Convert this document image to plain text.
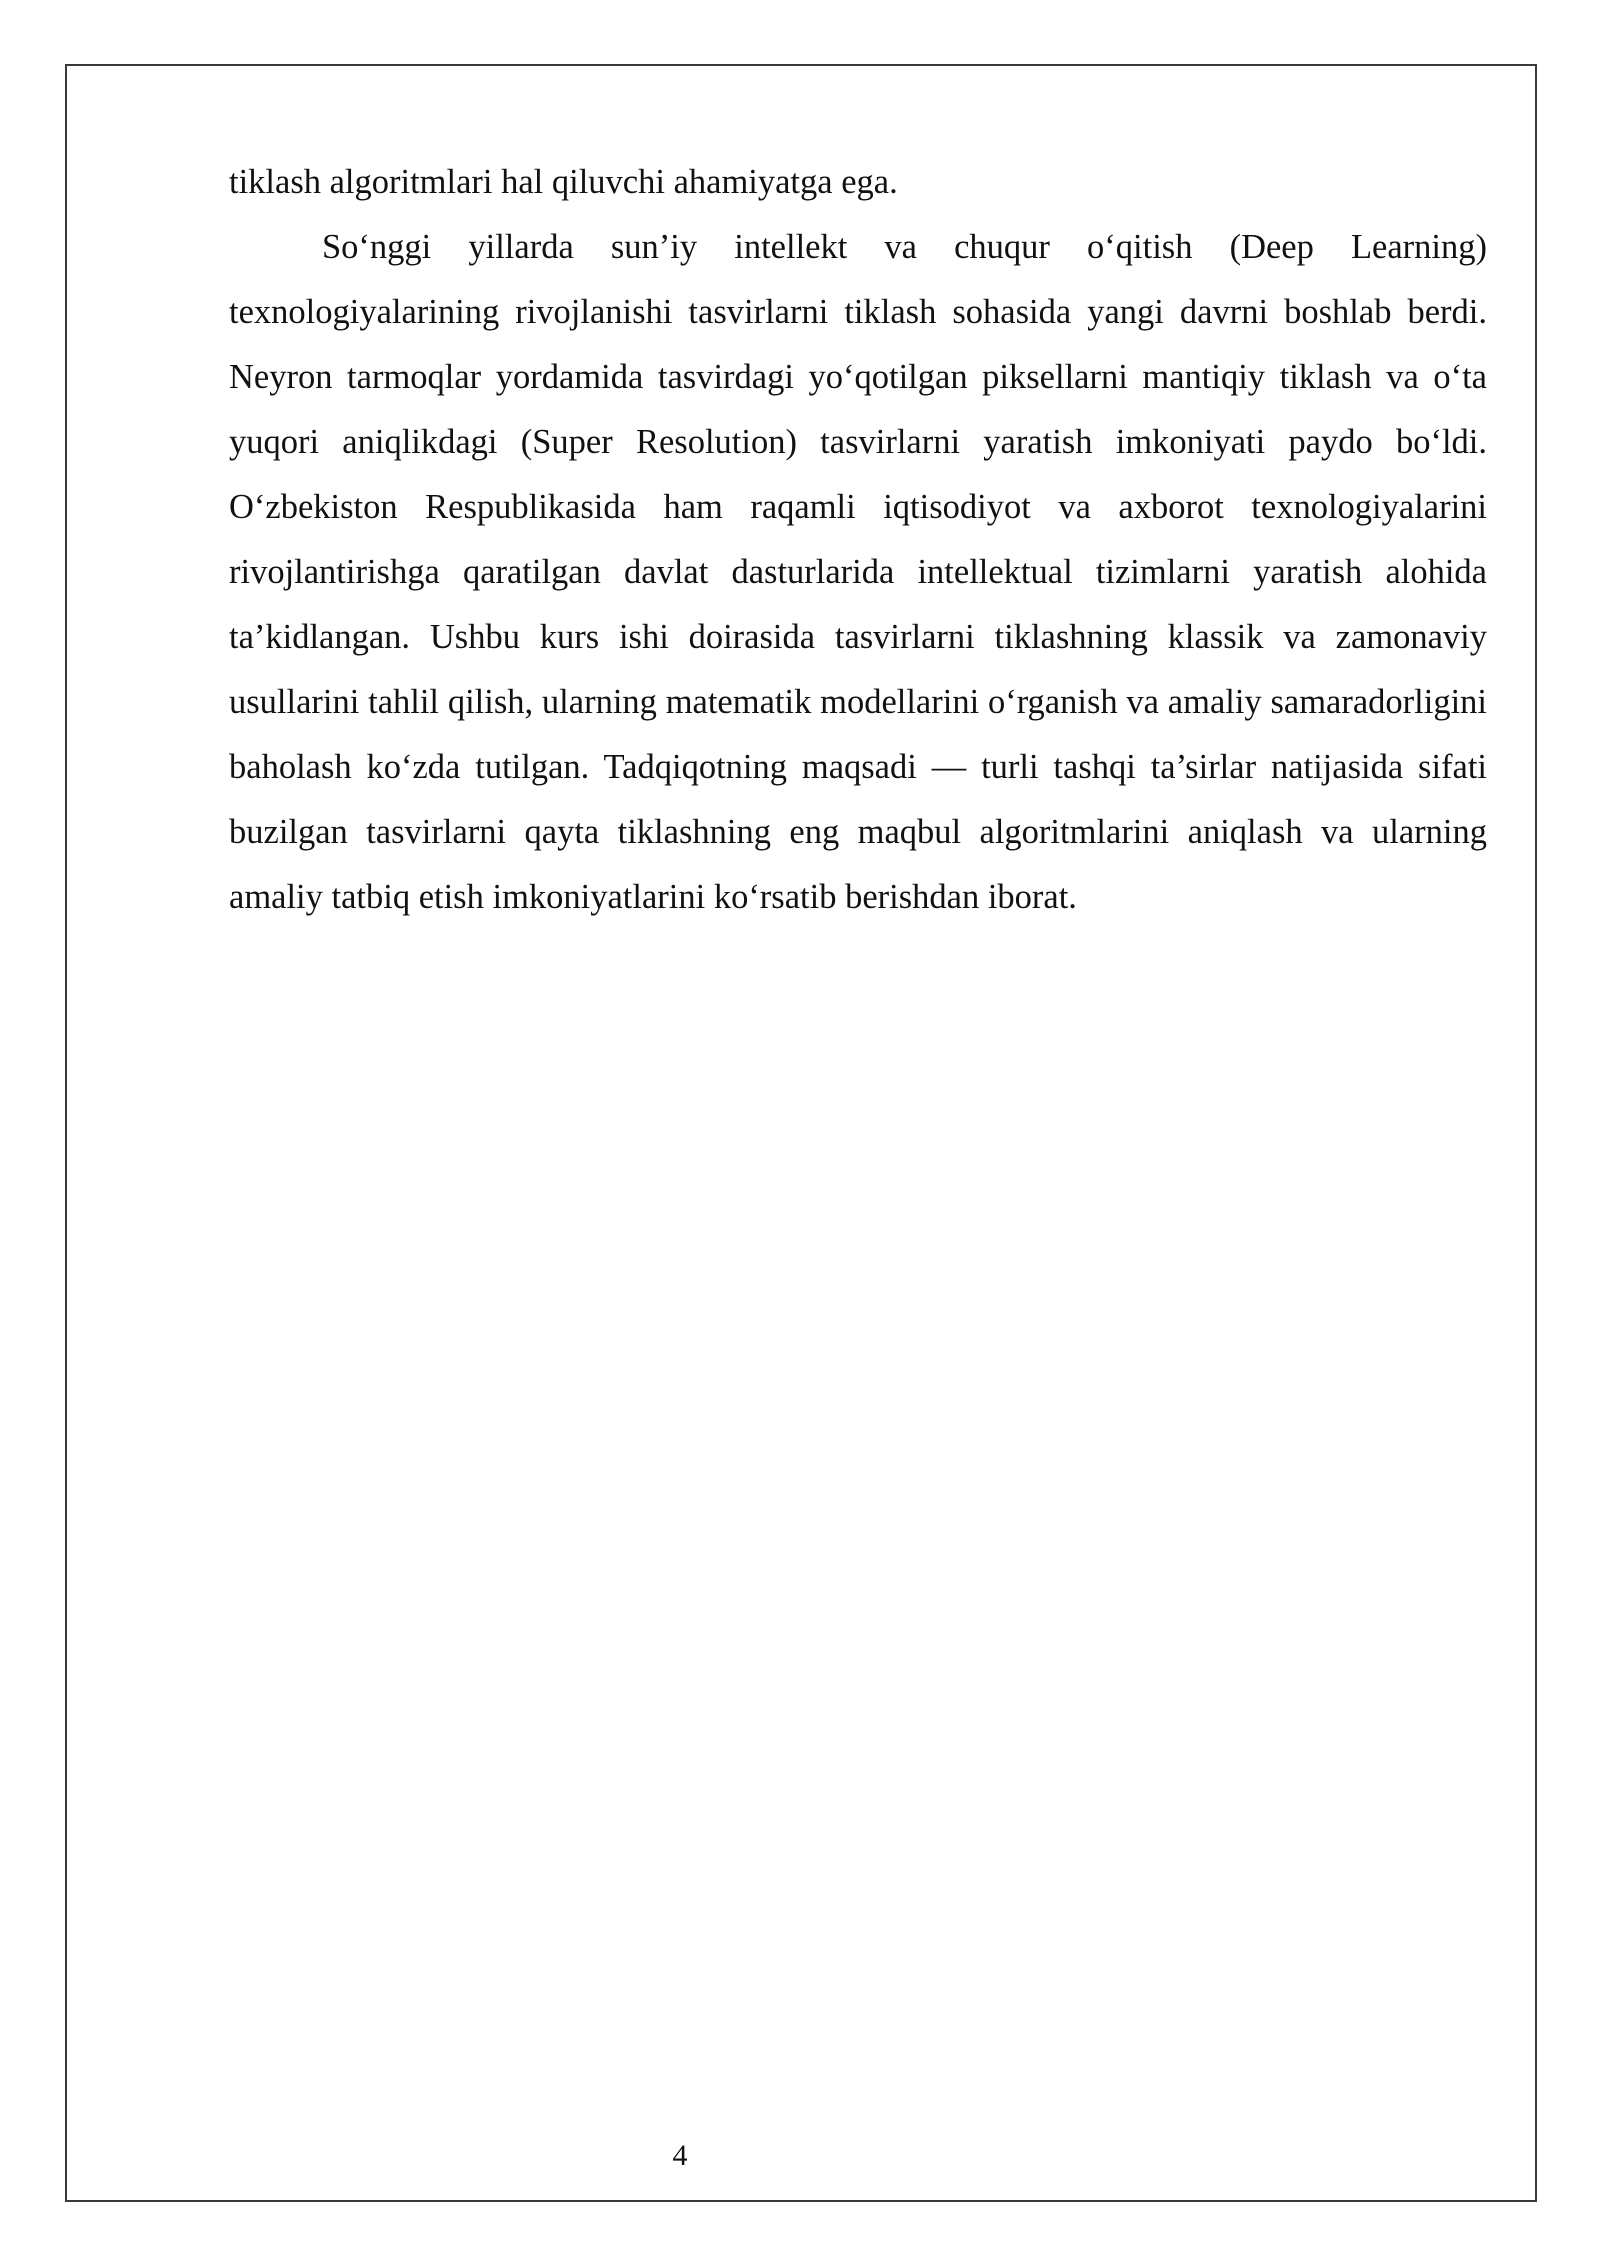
tiklash algoritmlari hal qiluvchi ahamiyatga ega.

So‘nggi yillarda sun’iy intellekt va chuqur o‘qitish (Deep Learning) texnologiyalarining rivojlanishi tasvirlarni tiklash sohasida yangi davrni boshlab berdi. Neyron tarmoqlar yordamida tasvirdagi yo‘qotilgan piksellarni mantiqiy tiklash va o‘ta yuqori aniqlikdagi (Super Resolution) tasvirlarni yaratish imkoniyati paydo bo‘ldi. O‘zbekiston Respublikasida ham raqamli iqtisodiyot va axborot texnologiyalarini rivojlantirishga qaratilgan davlat dasturlarida intellektual tizimlarni yaratish alohida ta’kidlangan. Ushbu kurs ishi doirasida tasvirlarni tiklashning klassik va zamonaviy usullarini tahlil qilish, ularning matematik modellarini o‘rganish va amaliy samaradorligini baholash ko‘zda tutilgan. Tadqiqotning maqsadi — turli tashqi ta’sirlar natijasida sifati buzilgan tasvirlarni qayta tiklashning eng maqbul algoritmlarini aniqlash va ularning amaliy tatbiq etish imkoniyatlarini ko‘rsatib berishdan iborat.

4
